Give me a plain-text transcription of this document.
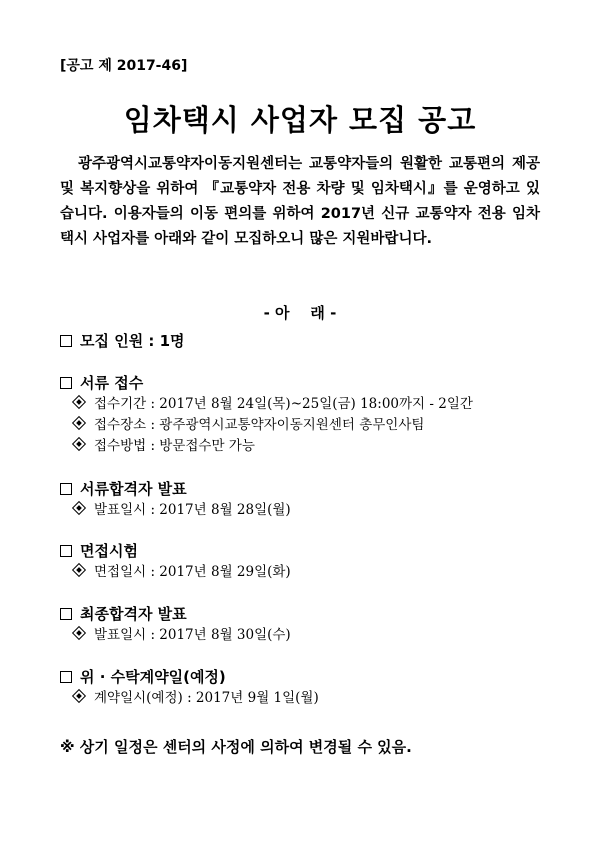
[공고 제 2017-46]
임차택시 사업자 모집 공고

광주광역시교통약자이동지원센터는 교통약자들의 원활한 교통편의 제공 및 복지향상을 위하여 『교통약자 전용 차량 및 임차택시』를 운영하고 있습니다. 이용자들의 이동 편의를 위하여 2017년 신규 교통약자 전용 임차택시 사업자를 아래와 같이 모집하오니 많은 지원바랍니다.

- 아    래 -
모집 인원 : 1명
서류 접수
접수기간 : 2017년 8월 24일(목)~25일(금) 18:00까지 - 2일간
접수장소 : 광주광역시교통약자이동지원센터 총무인사팀
접수방법 : 방문접수만 가능
서류합격자 발표
발표일시 : 2017년 8월 28일(월)
면접시험
면접일시 : 2017년 8월 29일(화)
최종합격자 발표
발표일시 : 2017년 8월 30일(수)
위 · 수탁계약일(예정)
계약일시(예정) : 2017년 9월 1일(월)
※ 상기 일정은 센터의 사정에 의하여 변경될 수 있음.
